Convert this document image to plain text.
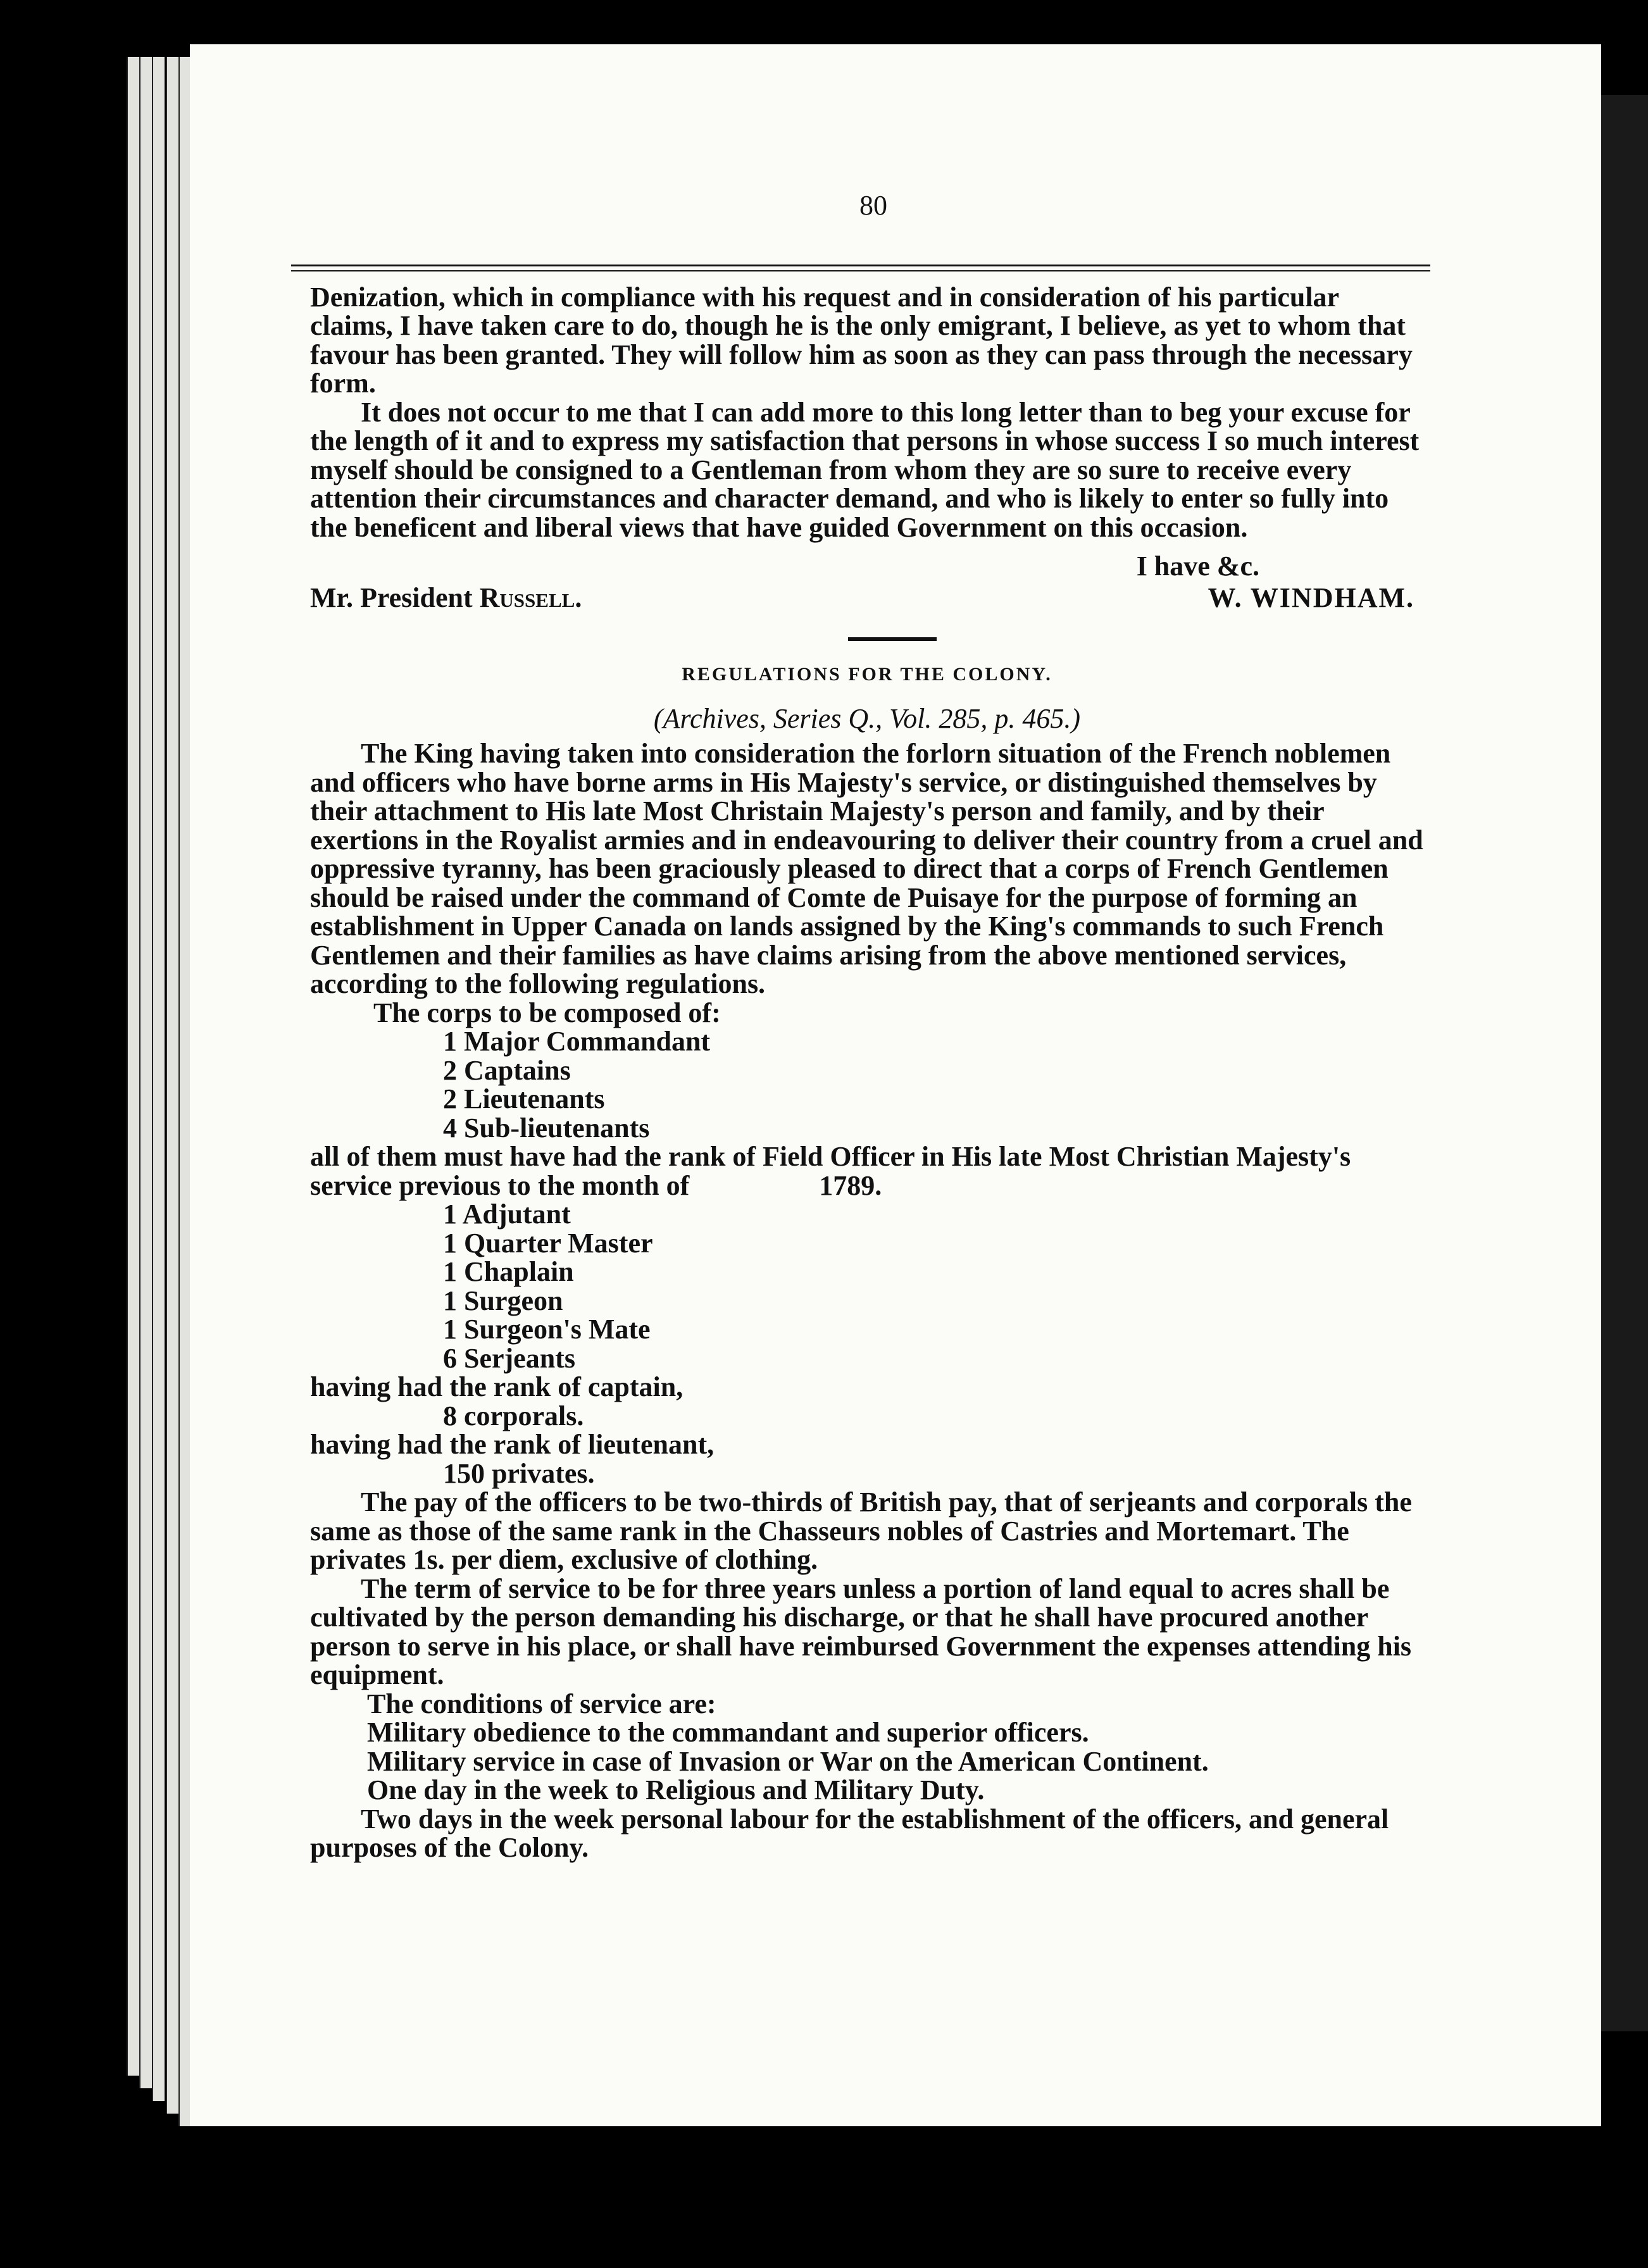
80

Denization, which in compliance with his request and in consideration of his particular claims, I have taken care to do, though he is the only emigrant, I believe, as yet to whom that favour has been granted. They will follow him as soon as they can pass through the necessary form.

It does not occur to me that I can add more to this long letter than to beg your excuse for the length of it and to express my satisfaction that persons in whose success I so much interest myself should be consigned to a Gentleman from whom they are so sure to receive every attention their circumstances and character demand, and who is likely to enter so fully into the beneficent and liberal views that have guided Government on this occasion.

I have &c.
Mr. President Russell.	W. WINDHAM.
REGULATIONS FOR THE COLONY.
(Archives, Series Q., Vol. 285, p. 465.)

The King having taken into consideration the forlorn situation of the French noblemen and officers who have borne arms in His Majesty's service, or distinguished themselves by their attachment to His late Most Christain Majesty's person and family, and by their exertions in the Royalist armies and in endeavouring to deliver their country from a cruel and oppressive tyranny, has been graciously pleased to direct that a corps of French Gentlemen should be raised under the command of Comte de Puisaye for the purpose of forming an establishment in Upper Canada on lands assigned by the King's commands to such French Gentlemen and their families as have claims arising from the above mentioned services, according to the following regulations.

The corps to be composed of:
1 Major Commandant
2 Captains
2 Lieutenants
4 Sub-lieutenants

all of them must have had the rank of Field Officer in His late Most Christian Majesty's service previous to the month of	1789.

1 Adjutant
1 Quarter Master
1 Chaplain
1 Surgeon
1 Surgeon's Mate
6 Serjeants

having had the rank of captain,

8 corporals.

having had the rank of lieutenant,

150 privates.

The pay of the officers to be two-thirds of British pay, that of serjeants and corporals the same as those of the same rank in the Chasseurs nobles of Castries and Mortemart. The privates 1s. per diem, exclusive of clothing.

The term of service to be for three years unless a portion of land equal to acres shall be cultivated by the person demanding his discharge, or that he shall have procured another person to serve in his place, or shall have reimbursed Government the expenses attending his equipment.

The conditions of service are:
Military obedience to the commandant and superior officers.
Military service in case of Invasion or War on the American Continent.
One day in the week to Religious and Military Duty.

Two days in the week personal labour for the establishment of the officers, and general purposes of the Colony.
